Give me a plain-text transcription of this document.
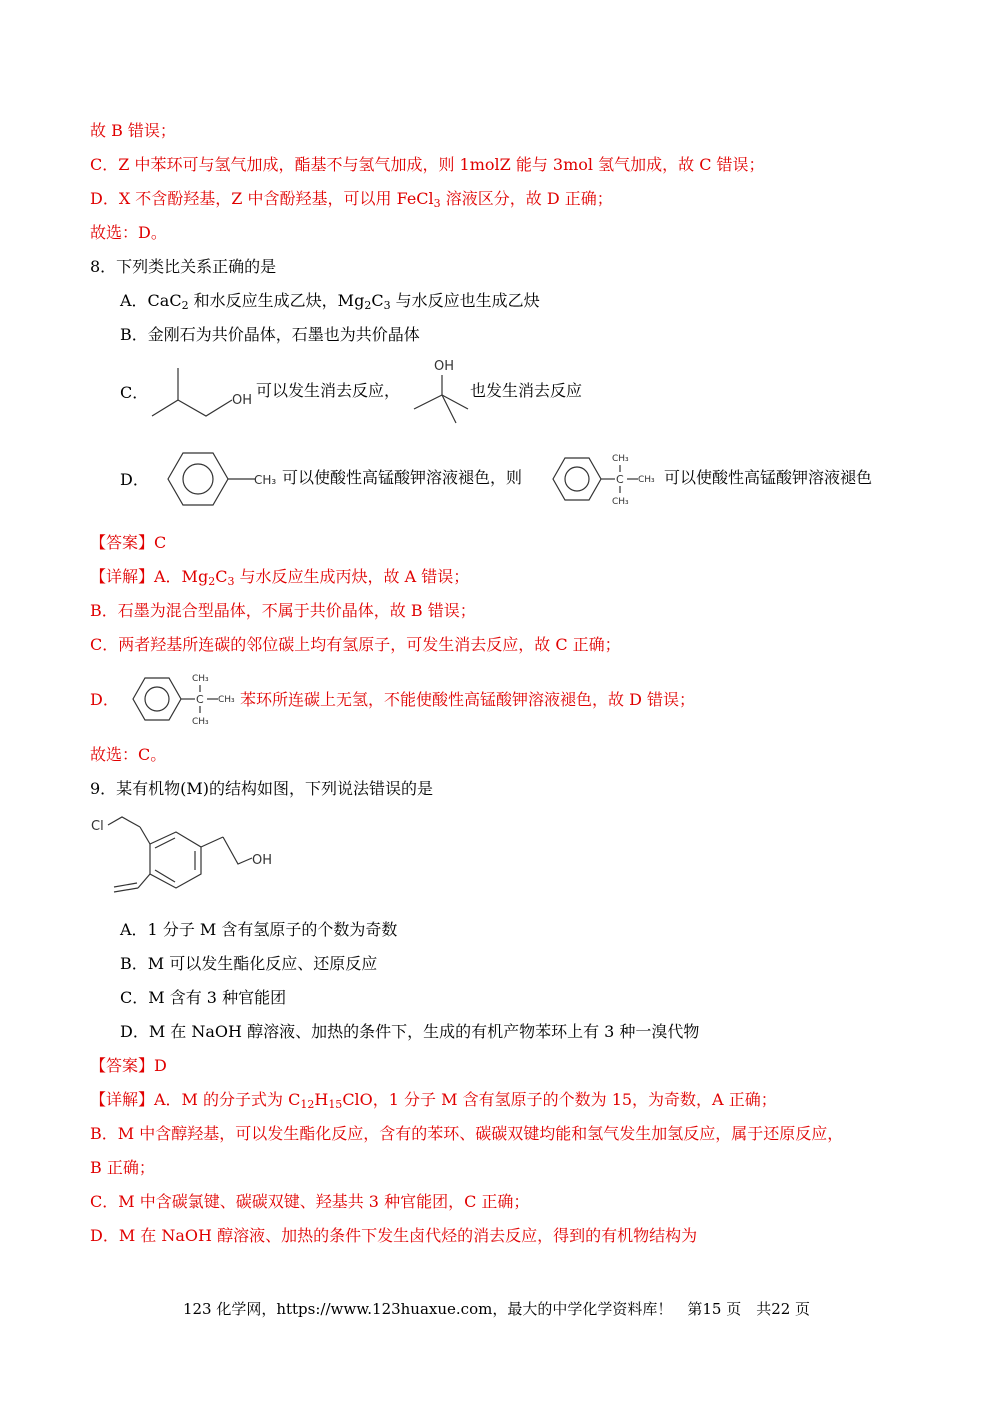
故 B 错误；
C．Z 中苯环可与氢气加成，酯基不与氢气加成，则 1molZ 能与 3mol 氢气加成，故 C 错误；
D．X 不含酚羟基，Z 中含酚羟基，可以用 FeCl$_3$ 溶液区分，故 D 正确；
故选：D。
8．下列类比关系正确的是
A．CaC$_2$ 和水反应生成乙炔，$Mg_2C_3$ 与水反应也生成乙炔
B．金刚石为共价晶体，石墨也为共价晶体
C．	OH
可以发生消去反应，
OH
也发生消去反应
D．	CH₃ 可以使酸性高锰酸钾溶液褪色，则	C
CH₃
CH₃
CH₃ 可以使酸性高锰酸钾溶液褪色
【答案】C
【详解】A．$Mg_2C_3$ 与水反应生成丙炔，故 A 错误；
B．石墨为混合型晶体，不属于共价晶体，故 B 错误；
C．两者羟基所连碳的邻位碳上均有氢原子，可发生消去反应，故 C 正确；
D．	C
CH₃
CH₃
CH₃ 苯环所连碳上无氢，不能使酸性高锰酸钾溶液褪色，故 D 错误；
故选：C。
9．某有机物(M)的结构如图，下列说法错误的是
Cl
OH
A．1 分子 M 含有氢原子的个数为奇数
B．M 可以发生酯化反应、还原反应
C．M 含有 3 种官能团
D．M 在 NaOH 醇溶液、加热的条件下，生成的有机产物苯环上有 3 种一溴代物
【答案】D
【详解】A．M 的分子式为 $C_{12}H_{15}ClO$，1 分子 M 含有氢原子的个数为 15，为奇数，A 正确；
B．M 中含醇羟基，可以发生酯化反应，含有的苯环、碳碳双键均能和氢气发生加氢反应，属于还原反应，
B 正确；
C．M 中含碳氯键、碳碳双键、羟基共 3 种官能团，C 正确；
D．M 在 NaOH 醇溶液、加热的条件下发生卤代烃的消去反应，得到的有机物结构为
123 化学网，https://www.123huaxue.com，最大的中学化学资料库！　第15 页　共22 页
